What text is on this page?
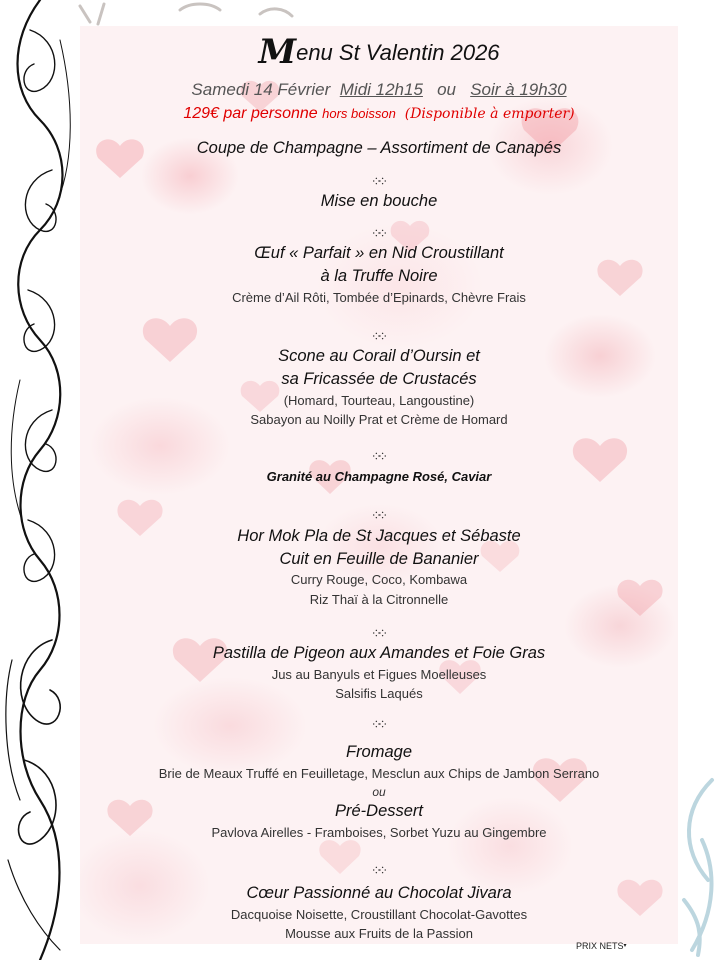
Menu St Valentin 2026
Samedi 14 Février Midi 12h15 ou Soir à 19h30
129€ par personne hors boisson (Disponible à emporter)
Coupe de Champagne – Assortiment de Canapés
༶༶
Mise en bouche
༶༶
Œuf « Parfait » en Nid Croustillant
à la Truffe Noire
Crème d’Ail Rôti, Tombée d’Epinards, Chèvre Frais
༶༶
Scone au Corail d’Oursin et
sa Fricassée de Crustacés
(Homard, Tourteau, Langoustine)
Sabayon au Noilly Prat et Crème de Homard
༶༶
Granité au Champagne Rosé, Caviar
༶༶
Hor Mok Pla de St Jacques et Sébaste
Cuit en Feuille de Bananier
Curry Rouge, Coco, Kombawa
Riz Thaï à la Citronnelle
༶༶
Pastilla de Pigeon aux Amandes et Foie Gras
Jus au Banyuls et Figues Moelleuses
Salsifis Laqués
༶༶
Fromage
Brie de Meaux Truffé en Feuilletage, Mesclun aux Chips de Jambon Serrano
ou
Pré-Dessert
Pavlova Airelles - Framboises, Sorbet Yuzu au Gingembre
༶༶
Cœur Passionné au Chocolat Jivara
Dacquoise Noisette, Croustillant Chocolat-Gavottes
Mousse aux Fruits de la Passion
PRIX NETS▾
